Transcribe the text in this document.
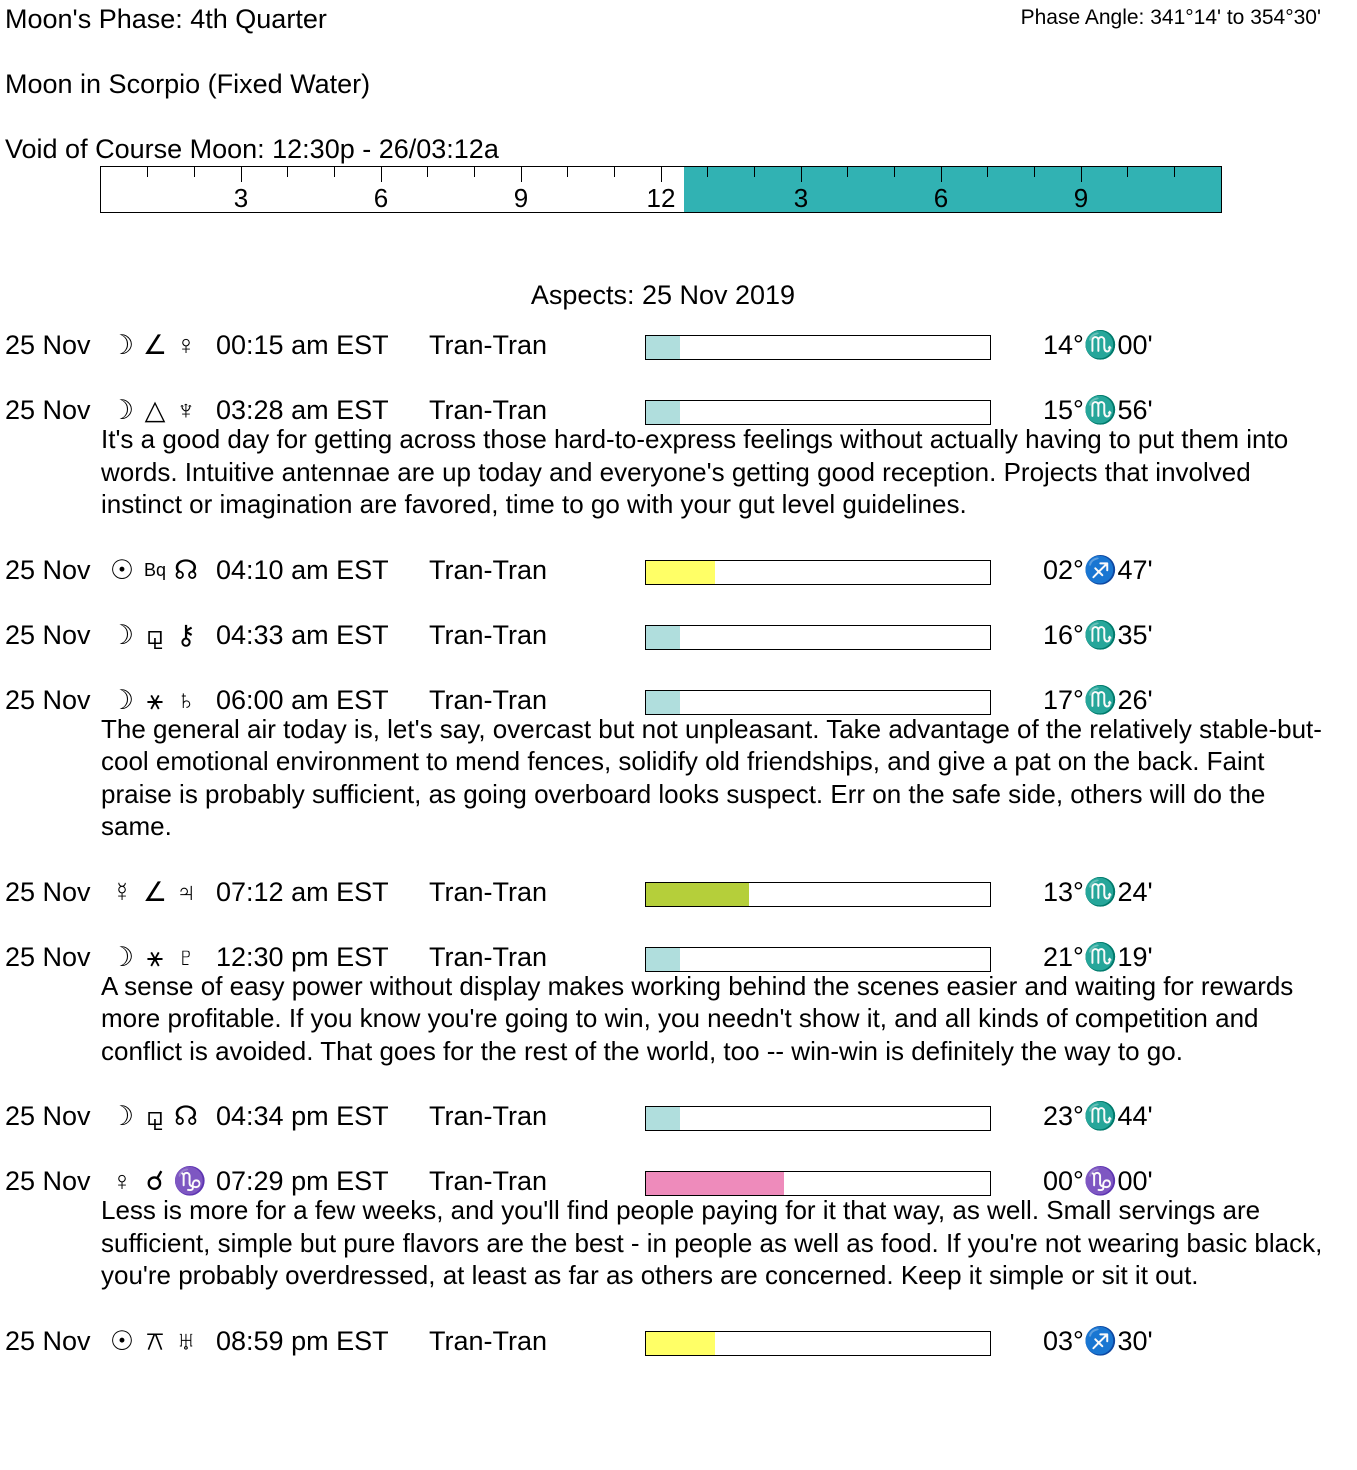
Moon's Phase: 4th Quarter	Phase Angle: 341°14' to 354°30'
Moon in Scorpio (Fixed Water)
Void of Course Moon: 12:30p - 26/03:12a
3	6	9	12	3	6	9
Aspects: 25 Nov 2019
25 Nov ☽ ∠ ♀ 00:15 am EST Tran-Tran	14°♏00'
25 Nov ☽ △ ♆ 03:28 am EST Tran-Tran	15°♏56'
It's a good day for getting across those hard-to-express feelings without actually having to put them into words. Intuitive antennae are up today and everyone's getting good reception. Projects that involved instinct or imagination are favored, time to go with your gut level guidelines.
25 Nov ☉ Bq ☊ 04:10 am EST Tran-Tran	02°♐47'
25 Nov ☽ ⚼ ⚷ 04:33 am EST Tran-Tran	16°♏35'
25 Nov ☽ ⚹ ♄ 06:00 am EST Tran-Tran	17°♏26'
The general air today is, let's say, overcast but not unpleasant. Take advantage of the relatively stable-but-cool emotional environment to mend fences, solidify old friendships, and give a pat on the back. Faint praise is probably sufficient, as going overboard looks suspect. Err on the safe side, others will do the same.
25 Nov ☿ ∠ ♃ 07:12 am EST Tran-Tran	13°♏24'
25 Nov ☽ ⚹ ♇ 12:30 pm EST Tran-Tran	21°♏19'
A sense of easy power without display makes working behind the scenes easier and waiting for rewards more profitable. If you know you're going to win, you needn't show it, and all kinds of competition and conflict is avoided. That goes for the rest of the world, too -- win-win is definitely the way to go.
25 Nov ☽ ⚼ ☊ 04:34 pm EST Tran-Tran	23°♏44'
25 Nov ♀ ☌ ♑ 07:29 pm EST Tran-Tran	00°♑00'
Less is more for a few weeks, and you'll find people paying for it that way, as well. Small servings are sufficient, simple but pure flavors are the best - in people as well as food. If you're not wearing basic black, you're probably overdressed, at least as far as others are concerned. Keep it simple or sit it out.
25 Nov ☉ ⚻ ♅ 08:59 pm EST Tran-Tran	03°♐30'
